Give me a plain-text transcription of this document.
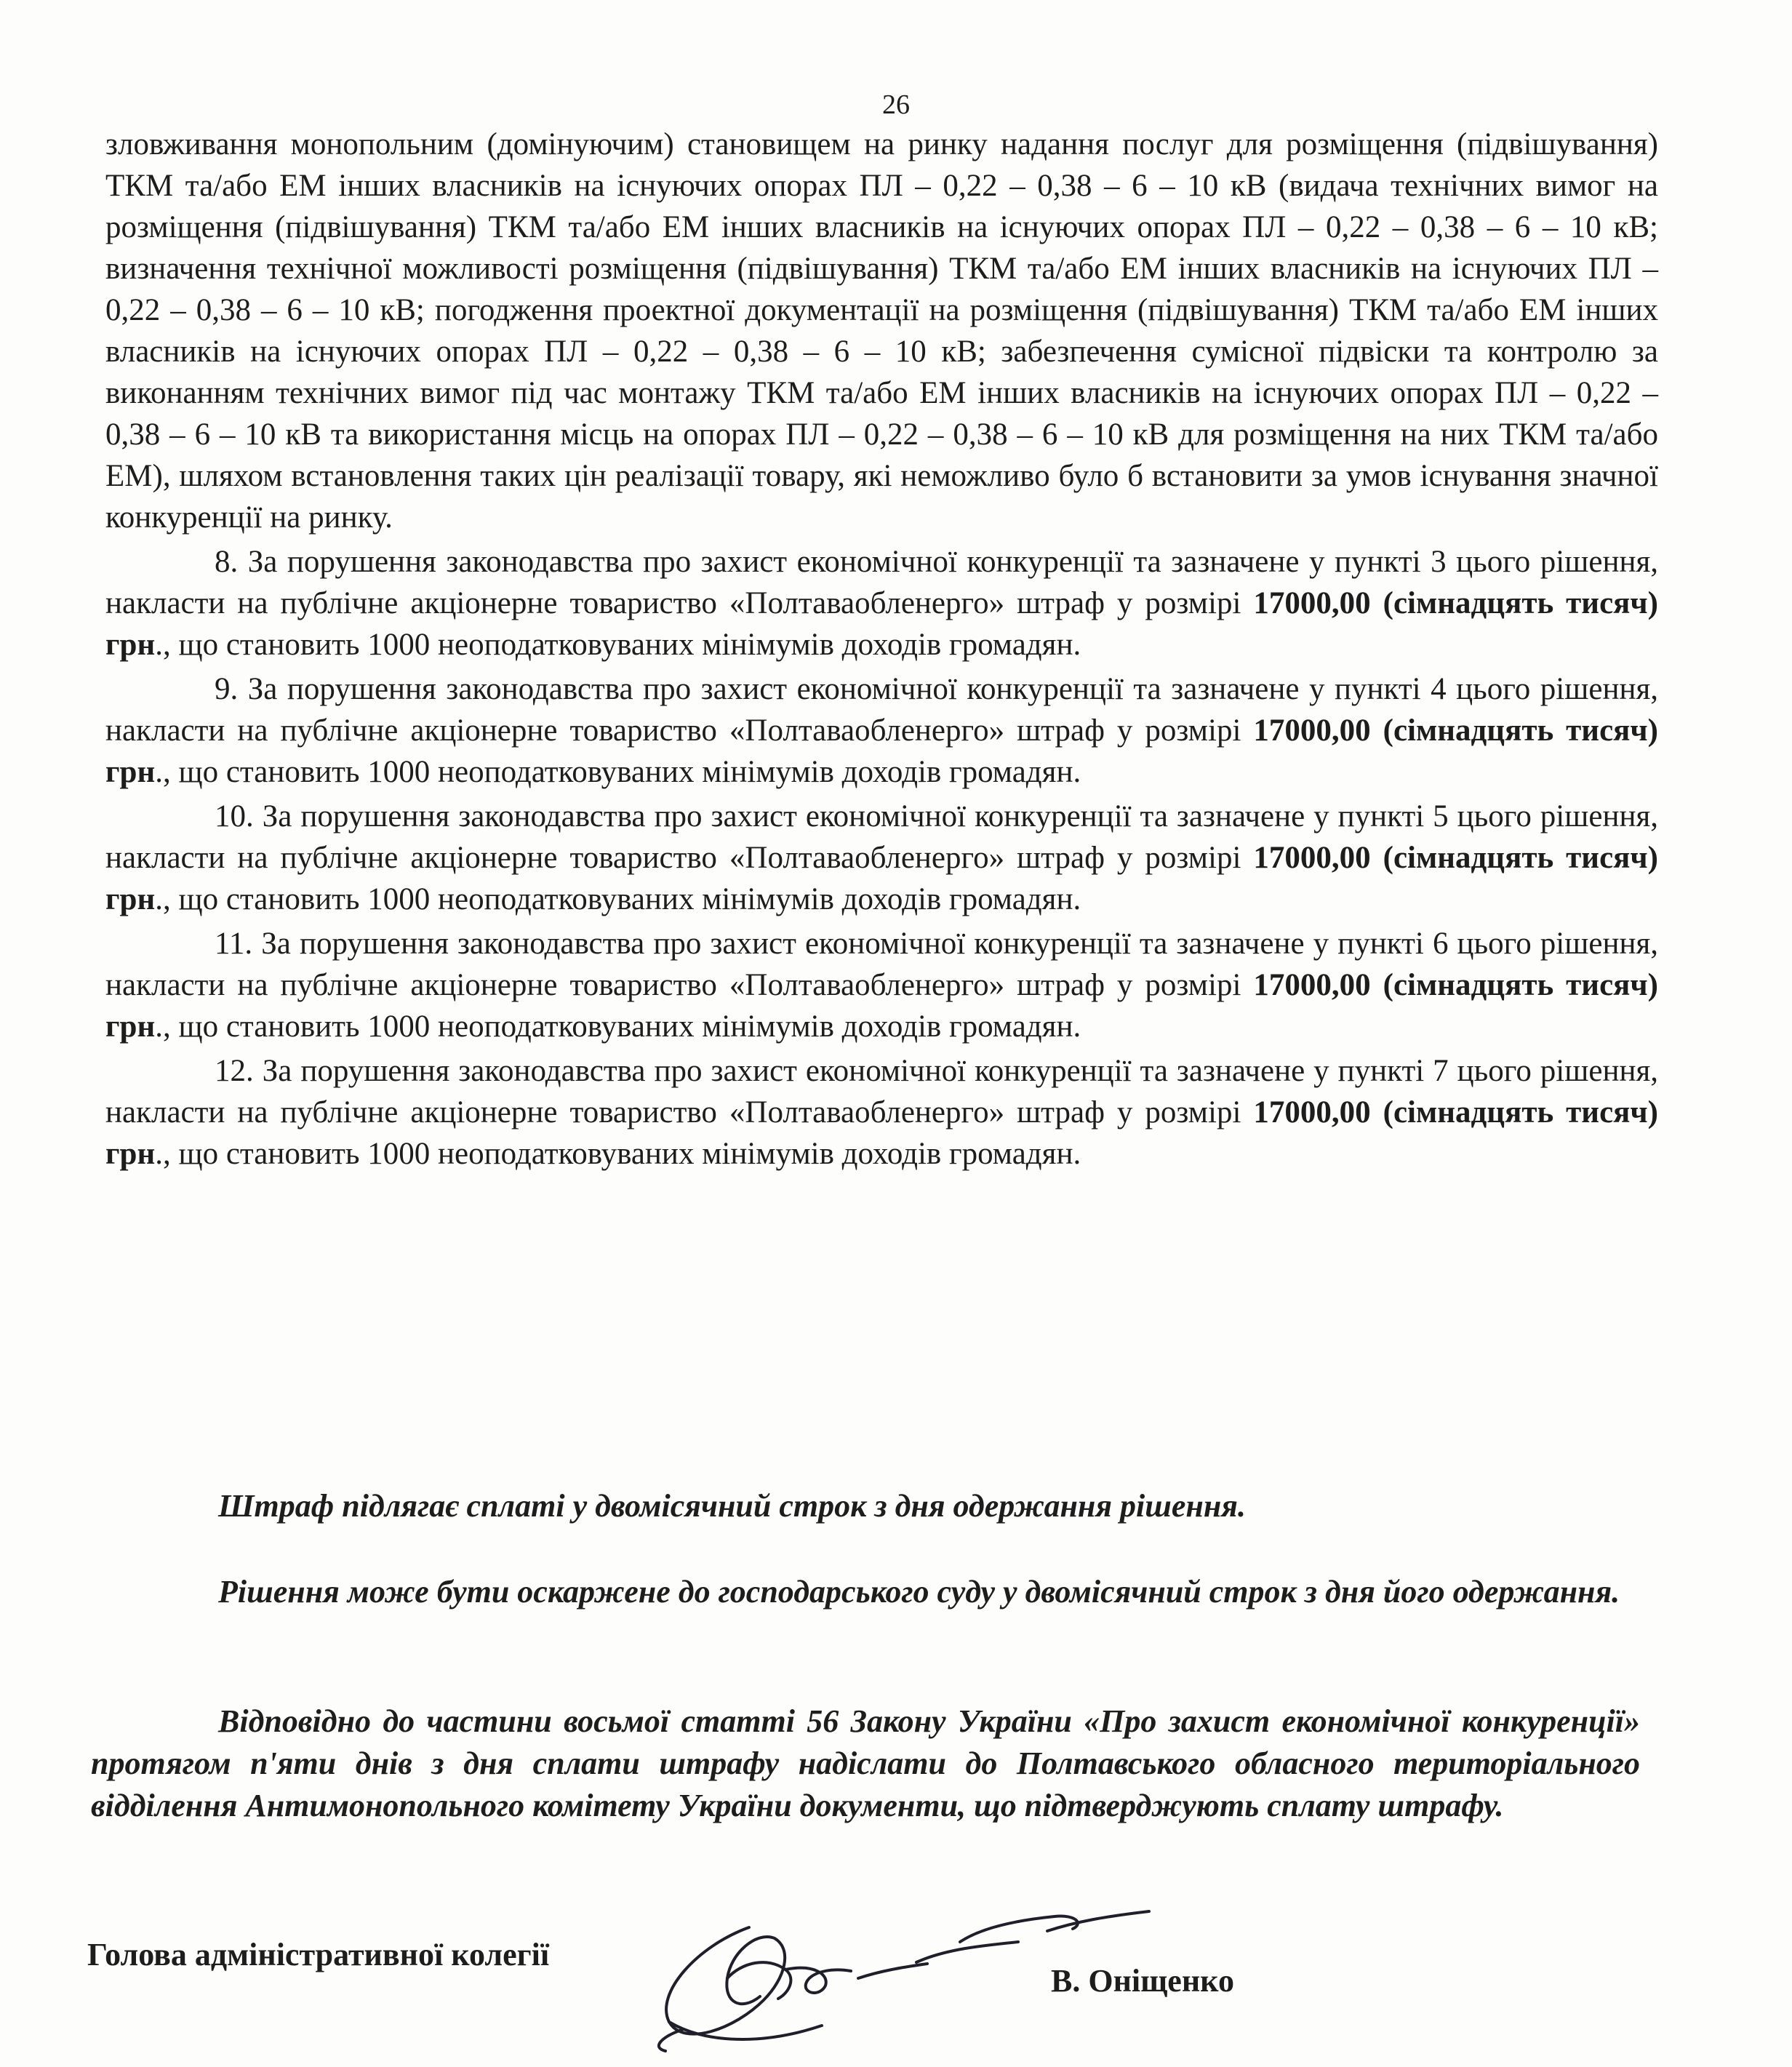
26

зловживання монопольним (домінуючим) становищем на ринку надання послуг для розміщення (підвішування) ТКМ та/або ЕМ інших власників на існуючих опорах ПЛ – 0,22 – 0,38 – 6 – 10 кВ (видача технічних вимог на розміщення (підвішування) ТКМ та/або ЕМ інших власників на існуючих опорах ПЛ – 0,22 – 0,38 – 6 – 10 кВ; визначення технічної можливості розміщення (підвішування) ТКМ та/або ЕМ інших власників на існуючих ПЛ – 0,22 – 0,38 – 6 – 10 кВ; погодження проектної документації на розміщення (підвішування) ТКМ та/або ЕМ інших власників на існуючих опорах ПЛ – 0,22 – 0,38 – 6 – 10 кВ; забезпечення сумісної підвіски та контролю за виконанням технічних вимог під час монтажу ТКМ та/або ЕМ інших власників на існуючих опорах ПЛ – 0,22 – 0,38 – 6 – 10 кВ та використання місць на опорах ПЛ – 0,22 – 0,38 – 6 – 10 кВ для розміщення на них ТКМ та/або ЕМ), шляхом встановлення таких цін реалізації товару, які неможливо було б встановити за умов існування значної конкуренції на ринку.

8. За порушення законодавства про захист економічної конкуренції та зазначене у пункті 3 цього рішення, накласти на публічне акціонерне товариство «Полтаваобленерго» штраф у розмірі 17000,00 (сімнадцять тисяч) грн., що становить 1000 неоподатковуваних мінімумів доходів громадян.

9. За порушення законодавства про захист економічної конкуренції та зазначене у пункті 4 цього рішення, накласти на публічне акціонерне товариство «Полтаваобленерго» штраф у розмірі 17000,00 (сімнадцять тисяч) грн., що становить 1000 неоподатковуваних мінімумів доходів громадян.

10. За порушення законодавства про захист економічної конкуренції та зазначене у пункті 5 цього рішення, накласти на публічне акціонерне товариство «Полтаваобленерго» штраф у розмірі 17000,00 (сімнадцять тисяч) грн., що становить 1000 неоподатковуваних мінімумів доходів громадян.

11. За порушення законодавства про захист економічної конкуренції та зазначене у пункті 6 цього рішення, накласти на публічне акціонерне товариство «Полтаваобленерго» штраф у розмірі 17000,00 (сімнадцять тисяч) грн., що становить 1000 неоподатковуваних мінімумів доходів громадян.

12. За порушення законодавства про захист економічної конкуренції та зазначене у пункті 7 цього рішення, накласти на публічне акціонерне товариство «Полтаваобленерго» штраф у розмірі 17000,00 (сімнадцять тисяч) грн., що становить 1000 неоподатковуваних мінімумів доходів громадян.

Штраф підлягає сплаті у двомісячний строк з дня одержання рішення.

Рішення може бути оскаржене до господарського суду у двомісячний строк з дня його одержання.

Відповідно до частини восьмої статті 56 Закону України «Про захист економічної конкуренції» протягом п'яти днів з дня сплати штрафу надіслати до Полтавського обласного територіального відділення Антимонопольного комітету України документи, що підтверджують сплату штрафу.

Голова адміністративної колегії
В. Оніщенко
